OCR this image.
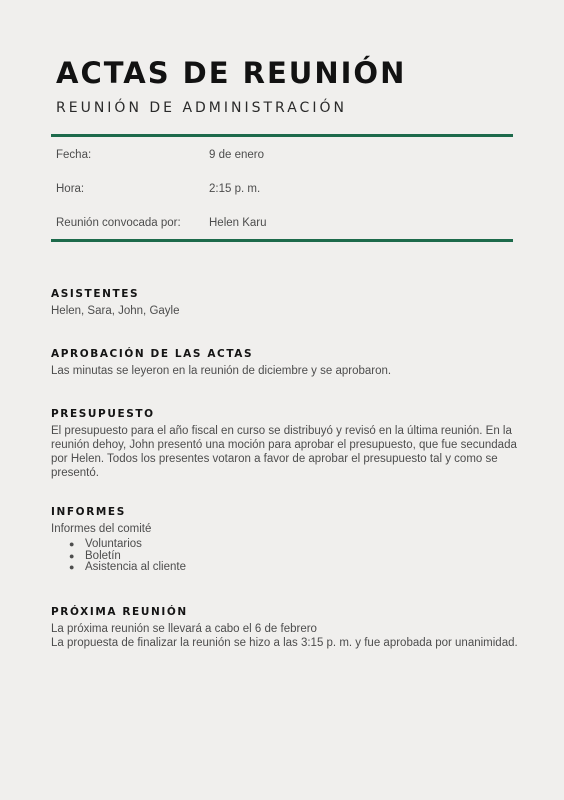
ACTAS DE REUNIÓN
REUNIÓN DE ADMINISTRACIÓN
Fecha:	9 de enero
Hora:	2:15 p. m.
Reunión convocada por: Helen Karu
ASISTENTES

Helen, Sara, John, Gayle

APROBACIÓN DE LAS ACTAS

Las minutas se leyeron en la reunión de diciembre y se aprobaron.

PRESUPUESTO

El presupuesto para el año fiscal en curso se distribuyó y revisó en la última reunión. En la reunión dehoy, John presentó una moción para aprobar el presupuesto, que fue secundada por Helen. Todos los presentes votaron a favor de aprobar el presupuesto tal y como se presentó.

INFORMES

Informes del comité

● Voluntarios
● Boletín
● Asistencia al cliente
PRÓXIMA REUNIÓN

La próxima reunión se llevará a cabo el 6 de febrero
La propuesta de finalizar la reunión se hizo a las 3:15 p. m. y fue aprobada por unanimidad.
